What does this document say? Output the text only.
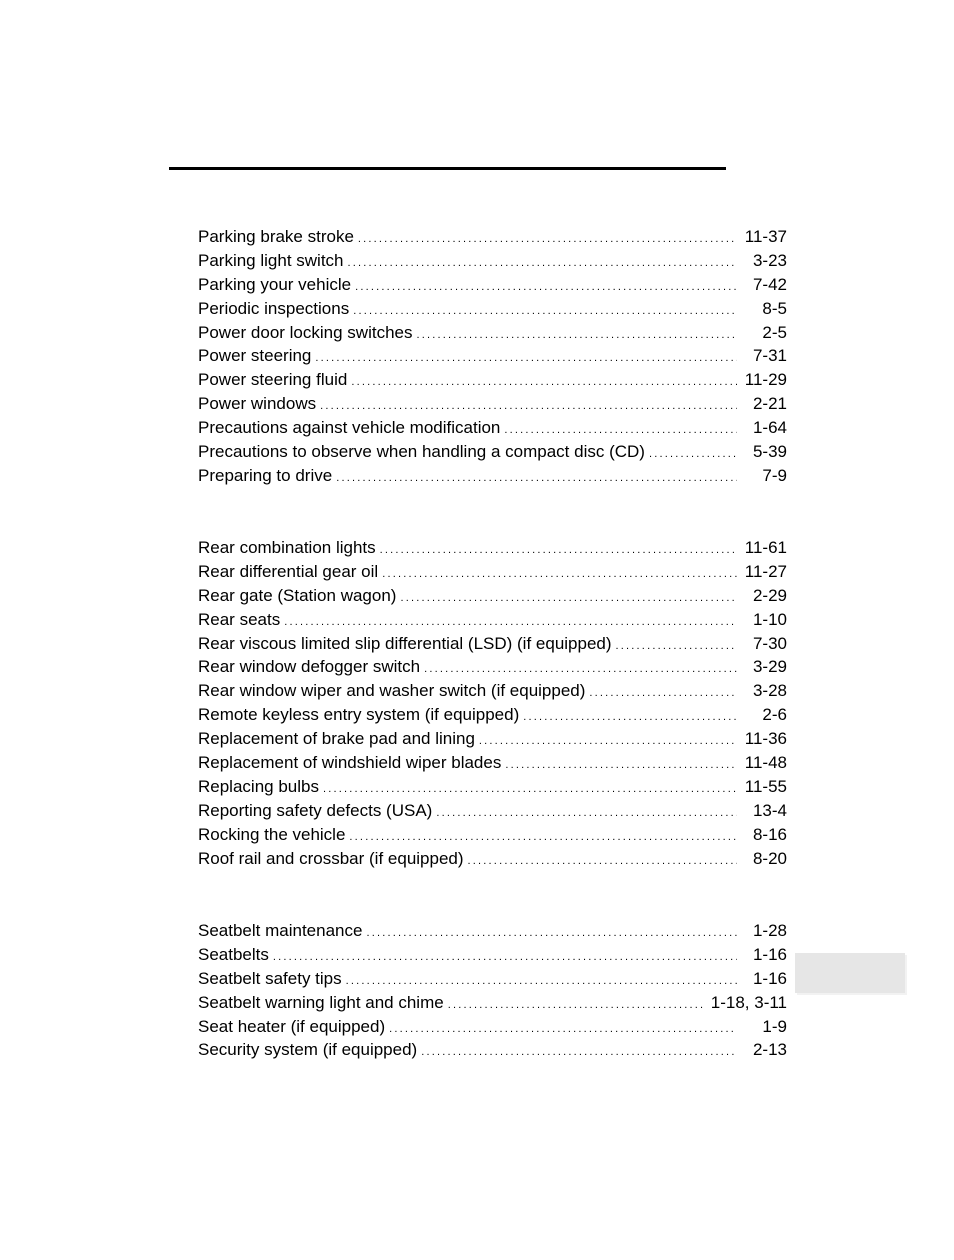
Parking brake stroke .....	11-37
Parking light switch .....	3-23
Parking your vehicle .....	7-42
Periodic inspections .....	8-5
Power door locking switches .....	2-5
Power steering .....	7-31
Power steering fluid .....	11-29
Power windows .....	2-21
Precautions against vehicle modification .....	1-64
Precautions to observe when handling a compact disc (CD) .....	5-39
Preparing to drive .....	7-9
Rear combination lights .....	11-61
Rear differential gear oil .....	11-27
Rear gate (Station wagon) .....	2-29
Rear seats .....	1-10
Rear viscous limited slip differential (LSD) (if equipped) .....	7-30
Rear window defogger switch .....	3-29
Rear window wiper and washer switch (if equipped) .....	3-28
Remote keyless entry system (if equipped) .....	2-6
Replacement of brake pad and lining .....	11-36
Replacement of windshield wiper blades .....	11-48
Replacing bulbs .....	11-55
Reporting safety defects (USA) .....	13-4
Rocking the vehicle .....	8-16
Roof rail and crossbar (if equipped) .....	8-20
Seatbelt maintenance .....	1-28
Seatbelts .....	1-16
Seatbelt safety tips .....	1-16
Seatbelt warning light and chime .....	1-18, 3-11
Seat heater (if equipped) .....	1-9
Security system (if equipped) .....	2-13
